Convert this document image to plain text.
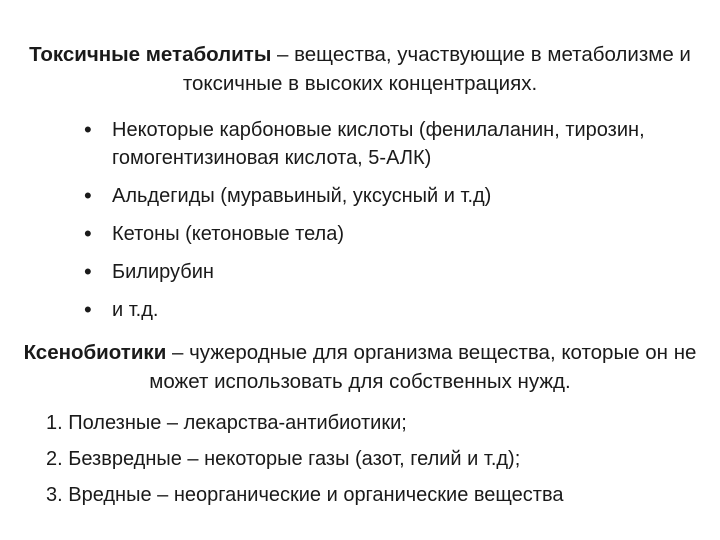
Токсичные метаболиты – вещества, участвующие в метаболизме и токсичные в высоких концентрациях.
• Некоторые карбоновые кислоты (фенилаланин, тирозин, гомогентизиновая кислота, 5-АЛК)
• Альдегиды (муравьиный, уксусный и т.д)
• Кетоны (кетоновые тела)
• Билирубин
• и т.д.
Ксенобиотики – чужеродные для организма вещества, которые он не может использовать для собственных нужд.
1. Полезные – лекарства-антибиотики;
2. Безвредные – некоторые газы (азот, гелий и т.д);
3. Вредные – неорганические и органические вещества
